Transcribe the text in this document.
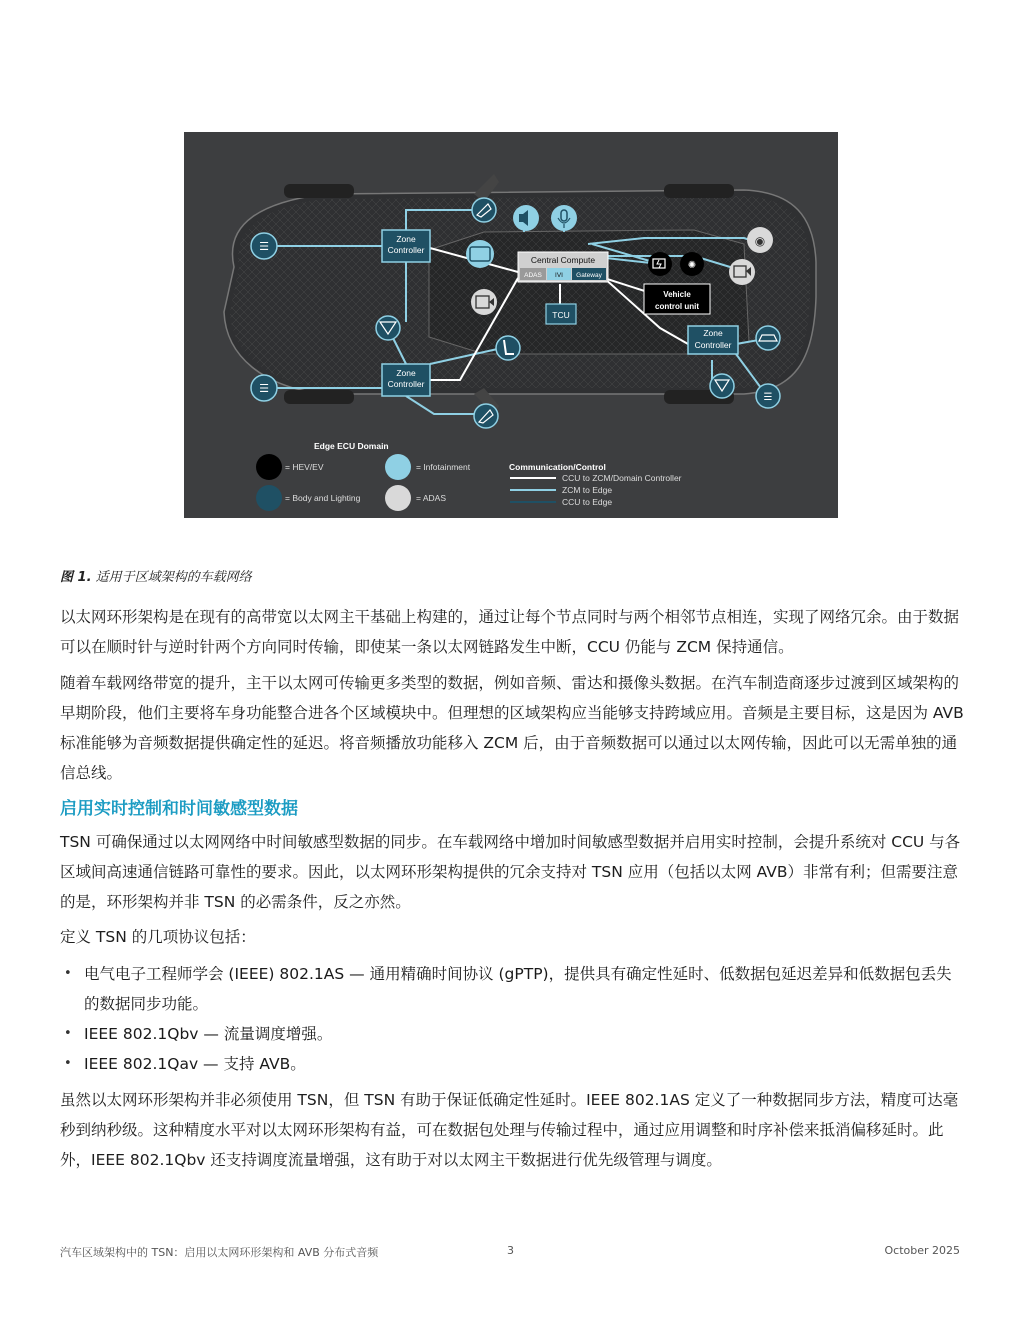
Zone
Controller
Zone
Controller
Zone
Controller
Central Compute
ADAS IVI Gateway
TCU
Vehicle
control unit
☰
☰
✺
◉
☰
Edge ECU Domain
= HEV/EV	= Infotainment
= Body and Lighting	= ADAS
Communication/Control
CCU to ZCM/Domain Controller
ZCM to Edge
CCU to Edge
图 1. 适用于区域架构的车载网络

以太网环形架构是在现有的高带宽以太网主干基础上构建的，通过让每个节点同时与两个相邻节点相连，实现了网络冗余。由于数据可以在顺时针与逆时针两个方向同时传输，即使某一条以太网链路发生中断，CCU 仍能与 ZCM 保持通信。

随着车载网络带宽的提升，主干以太网可传输更多类型的数据，例如音频、雷达和摄像头数据。在汽车制造商逐步过渡到区域架构的早期阶段，他们主要将车身功能整合进各个区域模块中。但理想的区域架构应当能够支持跨域应用。音频是主要目标，这是因为 AVB 标准能够为音频数据提供确定性的延迟。将音频播放功能移入 ZCM 后，由于音频数据可以通过以太网传输，因此可以无需单独的通信总线。

启用实时控制和时间敏感型数据

TSN 可确保通过以太网网络中时间敏感型数据的同步。在车载网络中增加时间敏感型数据并启用实时控制，会提升系统对 CCU 与各区域间高速通信链路可靠性的要求。因此，以太网环形架构提供的冗余支持对 TSN 应用（包括以太网 AVB）非常有利；但需要注意的是，环形架构并非 TSN 的必需条件，反之亦然。

定义 TSN 的几项协议包括：

• 电气电子工程师学会 (IEEE) 802.1AS — 通用精确时间协议 (gPTP)，提供具有确定性延时、低数据包延迟差异和低数据包丢失的数据同步功能。
• IEEE 802.1Qbv — 流量调度增强。
• IEEE 802.1Qav — 支持 AVB。

虽然以太网环形架构并非必须使用 TSN，但 TSN 有助于保证低确定性延时。IEEE 802.1AS 定义了一种数据同步方法，精度可达毫秒到纳秒级。这种精度水平对以太网环形架构有益，可在数据包处理与传输过程中，通过应用调整和时序补偿来抵消偏移延时。此外，IEEE 802.1Qbv 还支持调度流量增强，这有助于对以太网主干数据进行优先级管理与调度。

汽车区域架构中的 TSN：启用以太网环形架构和 AVB 分布式音频	3	October 2025
